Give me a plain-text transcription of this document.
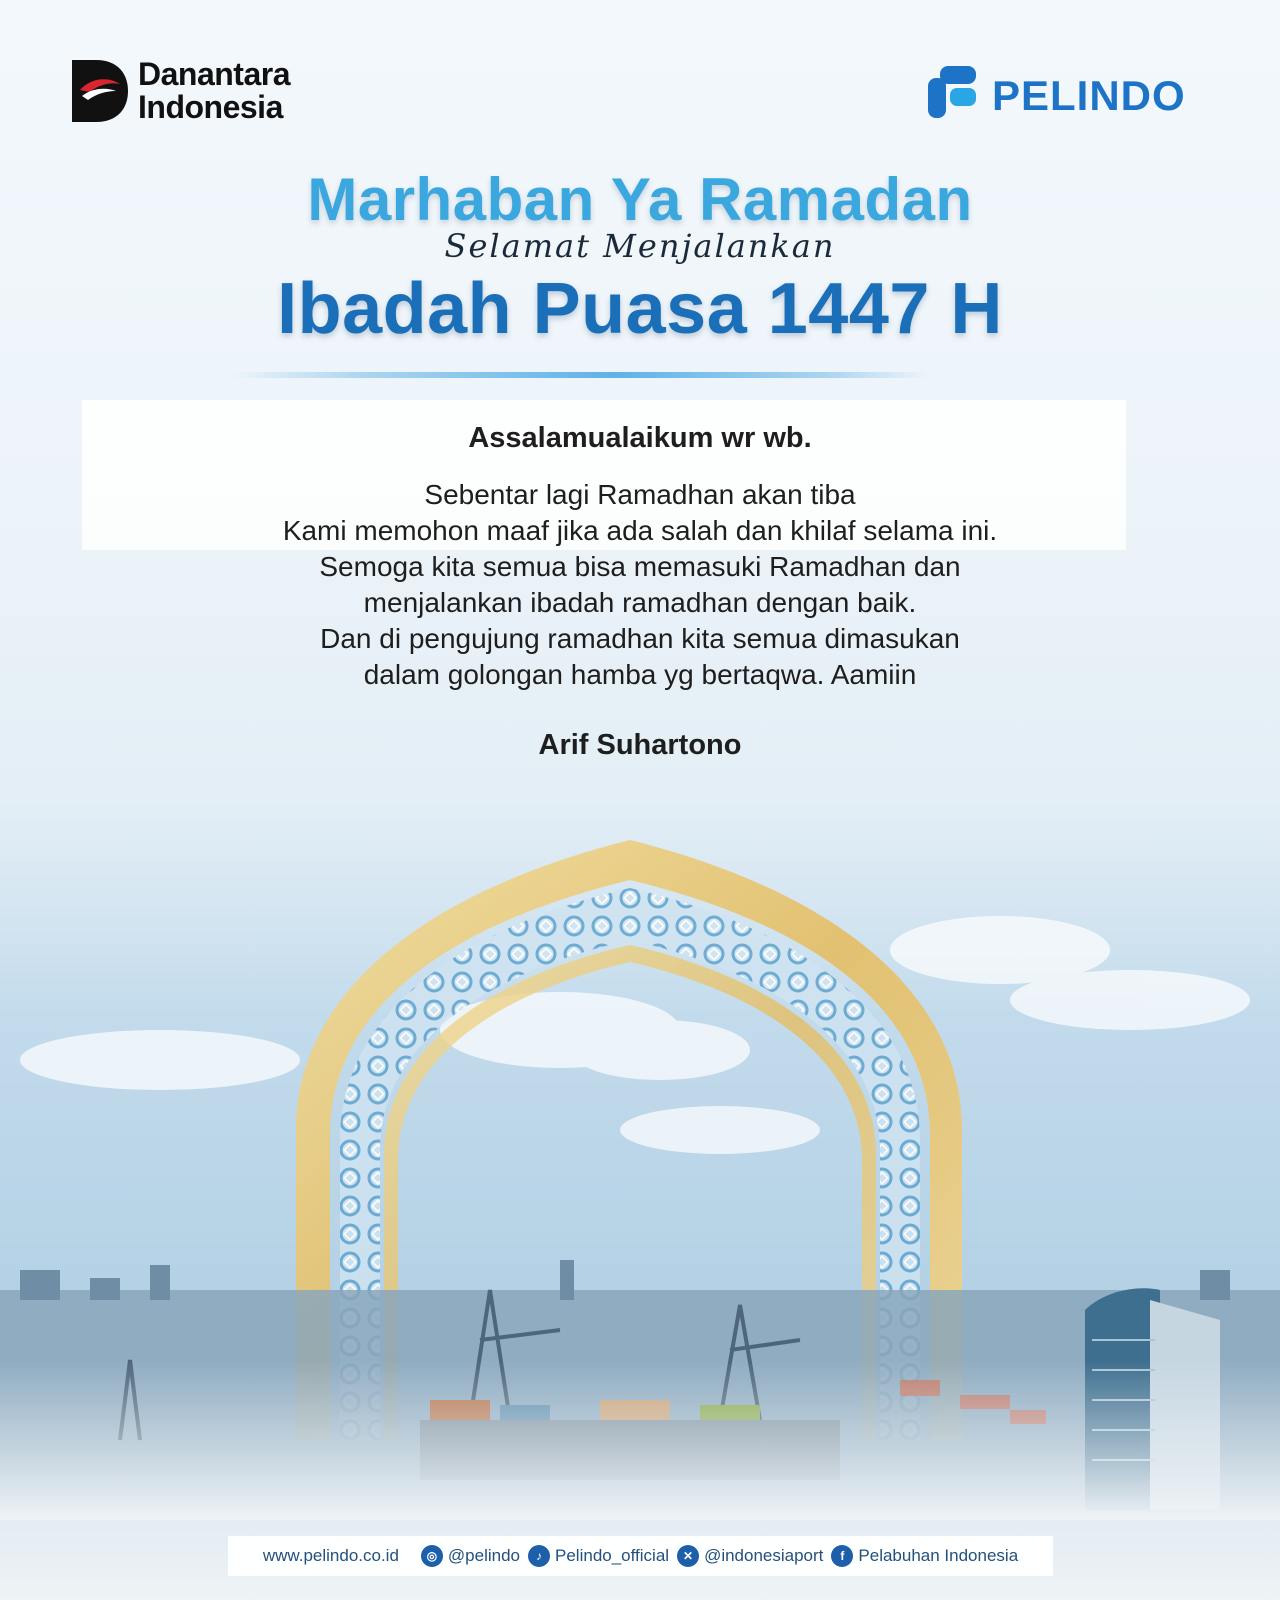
Danantara
Indonesia	PELINDO
Marhaban Ya Ramadan
Selamat Menjalankan
Ibadah Puasa 1447 H
Assalamualaikum wr wb.
Sebentar lagi Ramadhan akan tiba
Kami memohon maaf jika ada salah dan khilaf selama ini.
Semoga kita semua bisa memasuki Ramadhan dan
menjalankan ibadah ramadhan dengan baik.
Dan di pengujung ramadhan kita semua dimasukan
dalam golongan hamba yg bertaqwa. Aamiin
Arif Suhartono
www.pelindo.co.id	◎ @pelindo	♪ Pelindo_official	✕ @indonesiaport	f Pelabuhan Indonesia
